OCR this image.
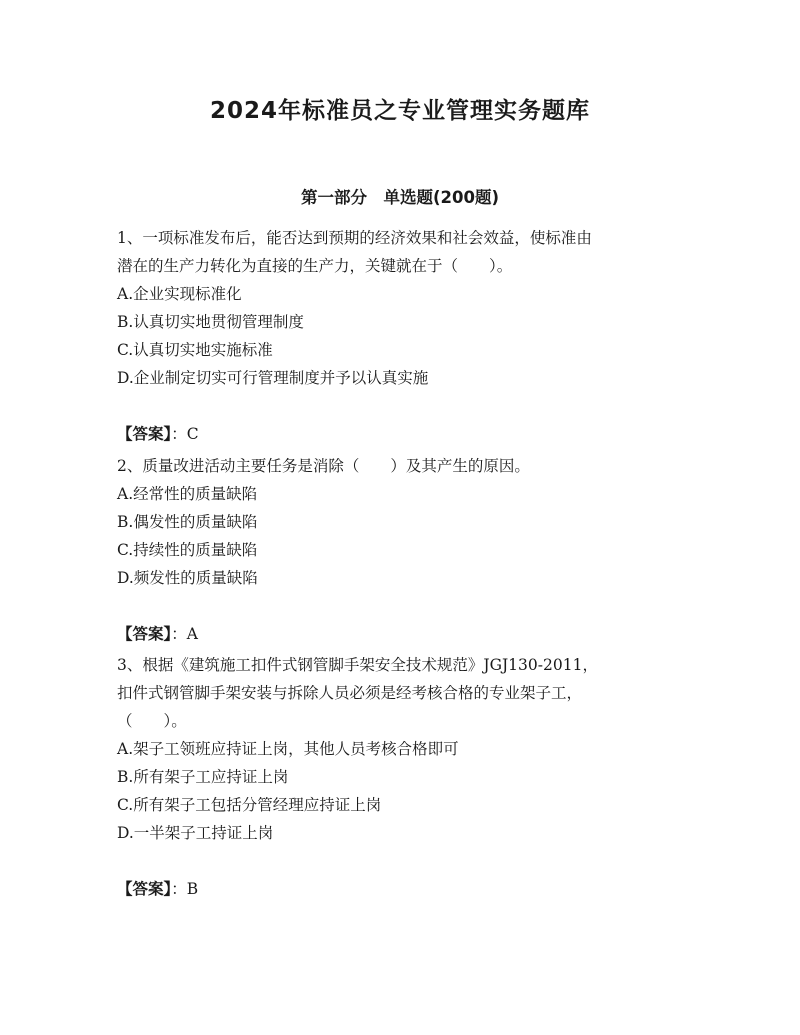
2024年标准员之专业管理实务题库
第一部分　单选题(200题)
1、一项标准发布后，能否达到预期的经济效果和社会效益，使标准由
潜在的生产力转化为直接的生产力，关键就在于（　　）。
A.企业实现标准化
B.认真切实地贯彻管理制度
C.认真切实地实施标准
D.企业制定切实可行管理制度并予以认真实施
【答案】：C
2、质量改进活动主要任务是消除（　　）及其产生的原因。
A.经常性的质量缺陷
B.偶发性的质量缺陷
C.持续性的质量缺陷
D.频发性的质量缺陷
【答案】：A
3、根据《建筑施工扣件式钢管脚手架安全技术规范》JGJ130-2011，
扣件式钢管脚手架安装与拆除人员必须是经考核合格的专业架子工，
（　　）。
A.架子工领班应持证上岗，其他人员考核合格即可
B.所有架子工应持证上岗
C.所有架子工包括分管经理应持证上岗
D.一半架子工持证上岗
【答案】：B
